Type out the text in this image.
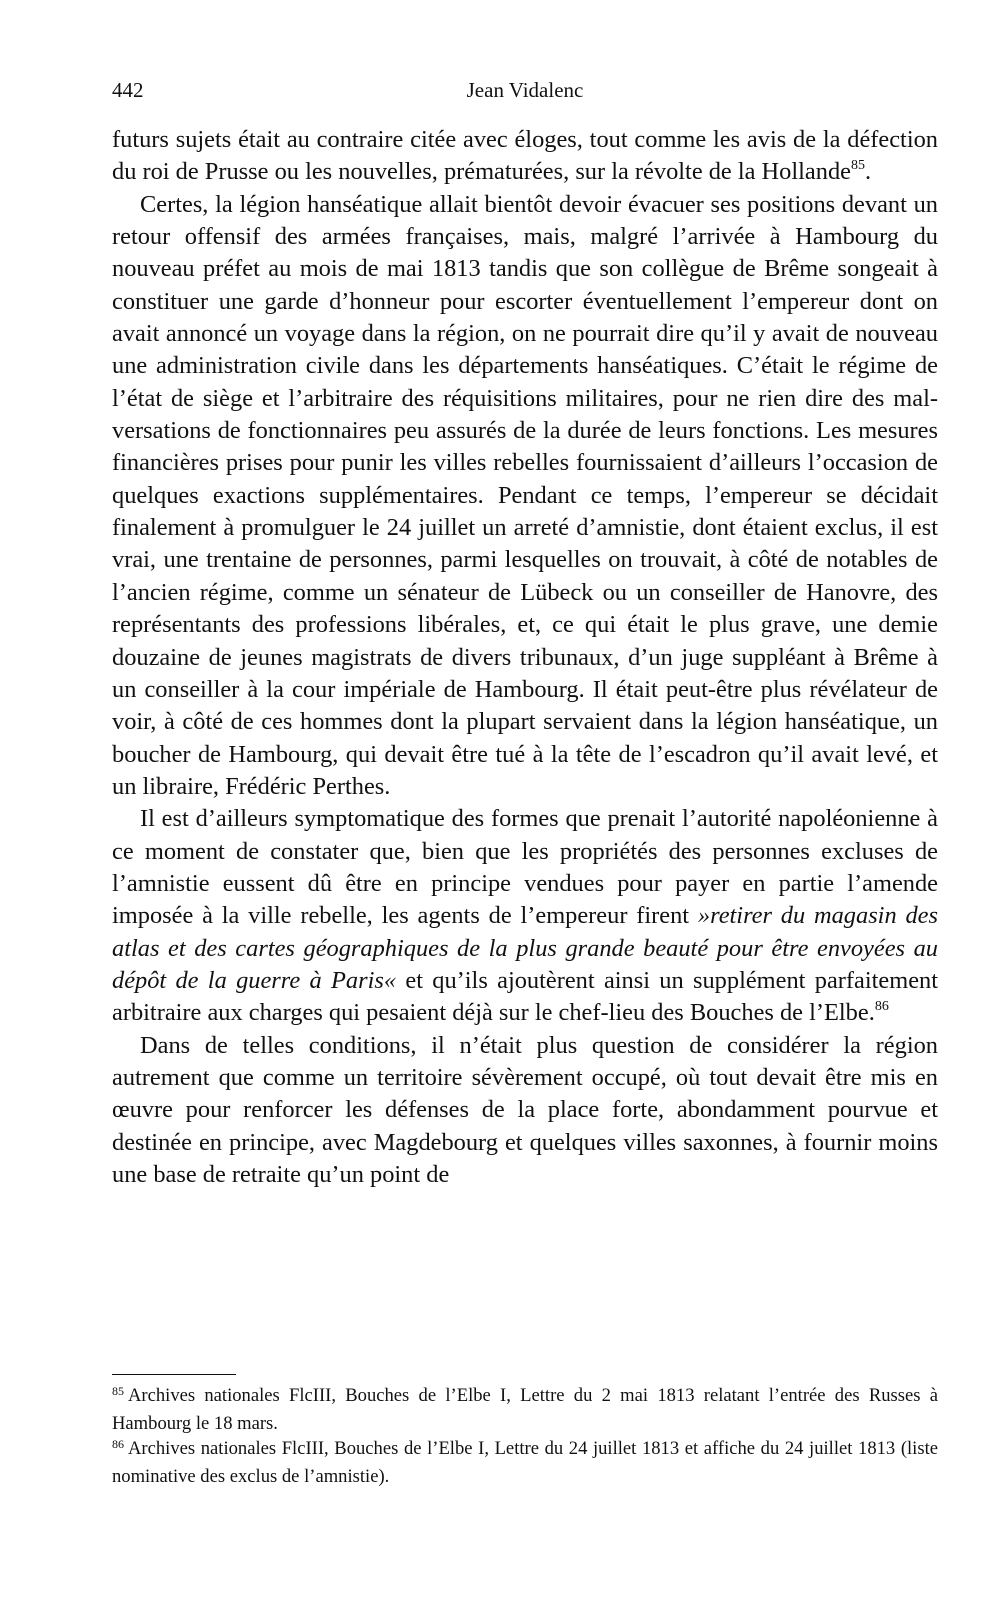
442	Jean Vidalenc

futurs sujets était au contraire citée avec éloges, tout comme les avis de la défection du roi de Prusse ou les nouvelles, prématurées, sur la révolte de la Hollande$^{85}$.

Certes, la légion hanséatique allait bientôt devoir évacuer ses positions devant un retour offensif des armées françaises, mais, malgré l’arrivée à Hambourg du nouveau préfet au mois de mai 1813 tandis que son collègue de Brême songeait à constituer une garde d’honneur pour escorter éventuellement l’empereur dont on avait annoncé un voyage dans la région, on ne pourrait dire qu’il y avait de nouveau une administration civile dans les départements hanséatiques. C’était le régime de l’état de siège et l’arbitraire des réquisitions militaires, pour ne rien dire des malversations de fonctionnaires peu assurés de la durée de leurs fonctions. Les mesures financières prises pour punir les villes rebelles fournissaient d’ailleurs l’occasion de quelques exactions supplémentaires. Pendant ce temps, l’empereur se décidait finalement à promulguer le 24 juillet un arreté d’amnistie, dont étaient exclus, il est vrai, une trentaine de personnes, parmi lesquelles on trouvait, à côté de notables de l’ancien régime, comme un sénateur de Lübeck ou un conseiller de Hanovre, des représentants des professions libérales, et, ce qui était le plus grave, une demie douzaine de jeunes magistrats de divers tribunaux, d’un juge suppléant à Brême à un conseiller à la cour impériale de Hambourg. Il était peut-être plus révélateur de voir, à côté de ces hommes dont la plupart servaient dans la légion hanséatique, un boucher de Hambourg, qui devait être tué à la tête de l’escadron qu’il avait levé, et un libraire, Frédéric Perthes.

Il est d’ailleurs symptomatique des formes que prenait l’autorité napoléonienne à ce moment de constater que, bien que les propriétés des personnes excluses de l’amnistie eussent dû être en principe vendues pour payer en partie l’amende imposée à la ville rebelle, les agents de l’empereur firent »retirer du magasin des atlas et des cartes géographiques de la plus grande beauté pour être envoyées au dépôt de la guerre à Paris« et qu’ils ajoutèrent ainsi un supplément parfaitement arbitraire aux charges qui pesaient déjà sur le chef-lieu des Bouches de l’Elbe.$^{86}$

Dans de telles conditions, il n’était plus question de considérer la région autrement que comme un territoire sévèrement occupé, où tout devait être mis en œuvre pour renforcer les défenses de la place forte, abondamment pourvue et destinée en principe, avec Magdebourg et quelques villes saxonnes, à fournir moins une base de retraite qu’un point de

$^{85}$ Archives nationales FlcIII, Bouches de l’Elbe I, Lettre du 2 mai 1813 relatant l’entrée des Russes à Hambourg le 18 mars.

$^{86}$ Archives nationales FlcIII, Bouches de l’Elbe I, Lettre du 24 juillet 1813 et affiche du 24 juillet 1813 (liste nominative des exclus de l’amnistie).
